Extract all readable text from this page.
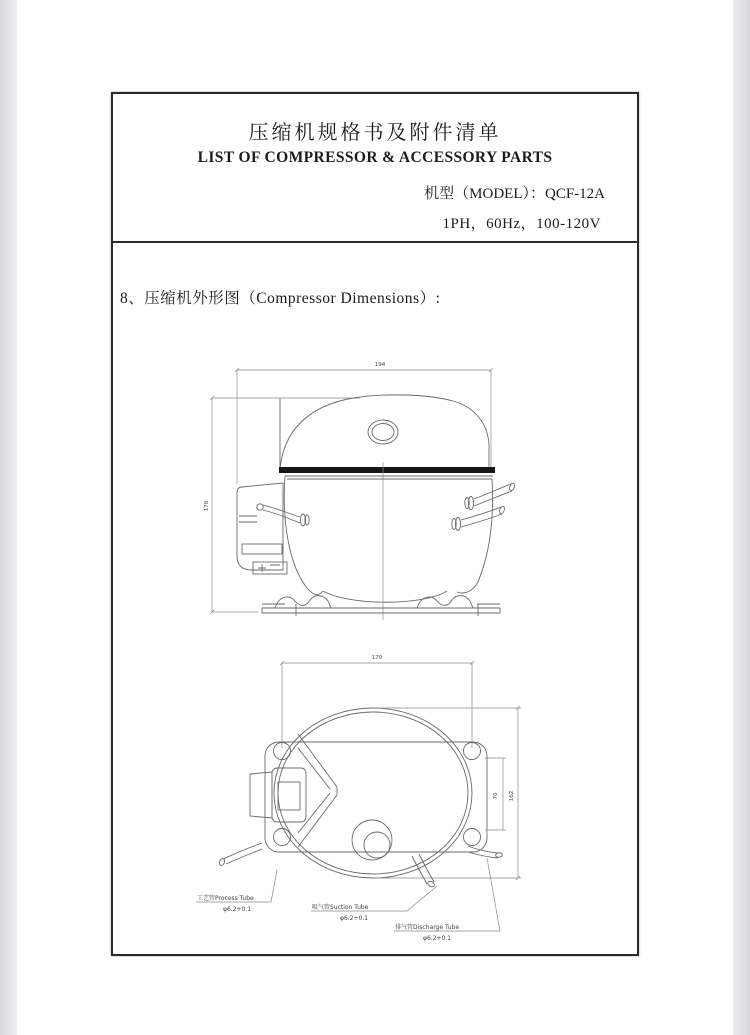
压缩机规格书及附件清单
LIST OF COMPRESSOR & ACCESSORY PARTS
机型（MODEL）：QCF-12A
1PH，60Hz，100-120V
8、压缩机外形图（Compressor Dimensions）:
194
178
170
162
70
工艺管Process Tube
φ6.2+0.1	吸气管Suction Tube
φ6.2+0.1
排气管Discharge Tube
φ6.2+0.1
